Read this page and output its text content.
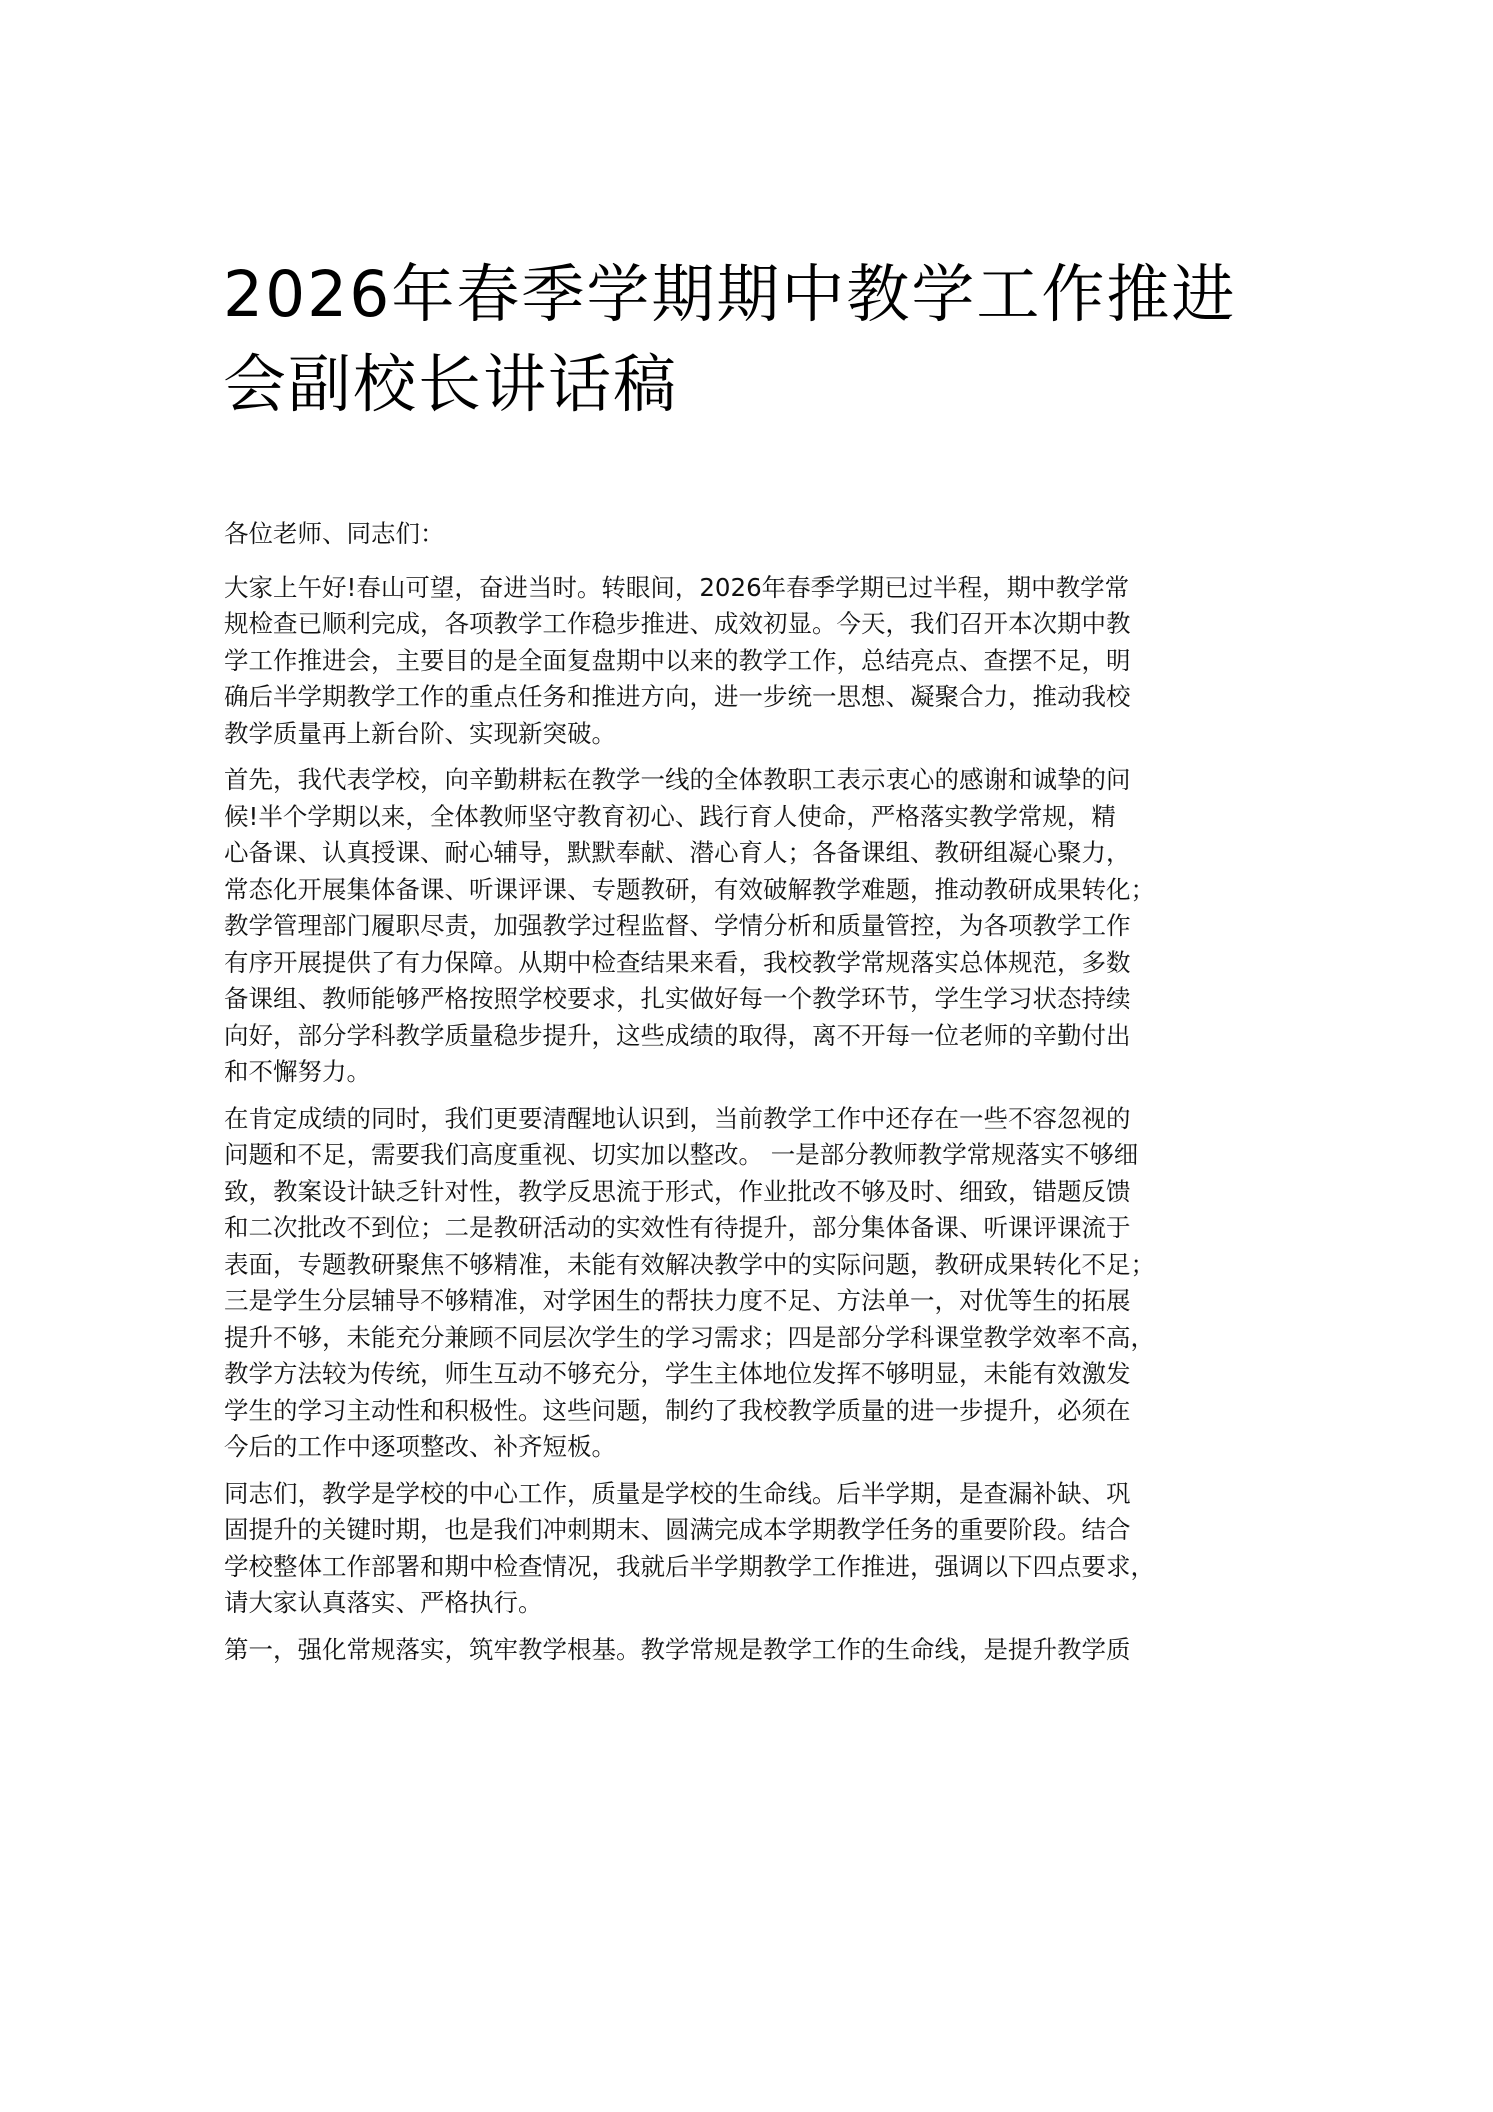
2026年春季学期期中教学工作推进
会副校长讲话稿

各位老师、同志们：

大家上午好!春山可望，奋进当时。转眼间，2026年春季学期已过半程，期中教学常
规检查已顺利完成，各项教学工作稳步推进、成效初显。今天，我们召开本次期中教
学工作推进会，主要目的是全面复盘期中以来的教学工作，总结亮点、查摆不足，明
确后半学期教学工作的重点任务和推进方向，进一步统一思想、凝聚合力，推动我校
教学质量再上新台阶、实现新突破。

首先，我代表学校，向辛勤耕耘在教学一线的全体教职工表示衷心的感谢和诚挚的问
候!半个学期以来，全体教师坚守教育初心、践行育人使命，严格落实教学常规，精
心备课、认真授课、耐心辅导，默默奉献、潜心育人；各备课组、教研组凝心聚力，
常态化开展集体备课、听课评课、专题教研，有效破解教学难题，推动教研成果转化；
教学管理部门履职尽责，加强教学过程监督、学情分析和质量管控，为各项教学工作
有序开展提供了有力保障。从期中检查结果来看，我校教学常规落实总体规范，多数
备课组、教师能够严格按照学校要求，扎实做好每一个教学环节，学生学习状态持续
向好，部分学科教学质量稳步提升，这些成绩的取得，离不开每一位老师的辛勤付出
和不懈努力。

在肯定成绩的同时，我们更要清醒地认识到，当前教学工作中还存在一些不容忽视的
问题和不足，需要我们高度重视、切实加以整改。 一是部分教师教学常规落实不够细
致，教案设计缺乏针对性，教学反思流于形式，作业批改不够及时、细致，错题反馈
和二次批改不到位；二是教研活动的实效性有待提升，部分集体备课、听课评课流于
表面，专题教研聚焦不够精准，未能有效解决教学中的实际问题，教研成果转化不足；
三是学生分层辅导不够精准，对学困生的帮扶力度不足、方法单一，对优等生的拓展
提升不够，未能充分兼顾不同层次学生的学习需求；四是部分学科课堂教学效率不高，
教学方法较为传统，师生互动不够充分，学生主体地位发挥不够明显，未能有效激发
学生的学习主动性和积极性。这些问题，制约了我校教学质量的进一步提升，必须在
今后的工作中逐项整改、补齐短板。

同志们，教学是学校的中心工作，质量是学校的生命线。后半学期，是查漏补缺、巩
固提升的关键时期，也是我们冲刺期末、圆满完成本学期教学任务的重要阶段。结合
学校整体工作部署和期中检查情况，我就后半学期教学工作推进，强调以下四点要求，
请大家认真落实、严格执行。

第一，强化常规落实，筑牢教学根基。教学常规是教学工作的生命线，是提升教学质
